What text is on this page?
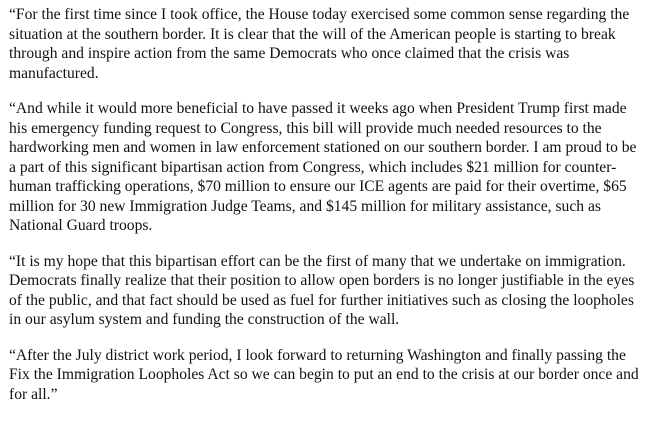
“For the first time since I took office, the House today exercised some common sense regarding the situation at the southern border. It is clear that the will of the American people is starting to break through and inspire action from the same Democrats who once claimed that the crisis was manufactured.

“And while it would more beneficial to have passed it weeks ago when President Trump first made his emergency funding request to Congress, this bill will provide much needed resources to the hardworking men and women in law enforcement stationed on our southern border. I am proud to be a part of this significant bipartisan action from Congress, which includes $21 million for counter-human trafficking operations, $70 million to ensure our ICE agents are paid for their overtime, $65 million for 30 new Immigration Judge Teams, and $145 million for military assistance, such as National Guard troops.

“It is my hope that this bipartisan effort can be the first of many that we undertake on immigration. Democrats finally realize that their position to allow open borders is no longer justifiable in the eyes of the public, and that fact should be used as fuel for further initiatives such as closing the loopholes in our asylum system and funding the construction of the wall.

“After the July district work period, I look forward to returning Washington and finally passing the Fix the Immigration Loopholes Act so we can begin to put an end to the crisis at our border once and for all.”
